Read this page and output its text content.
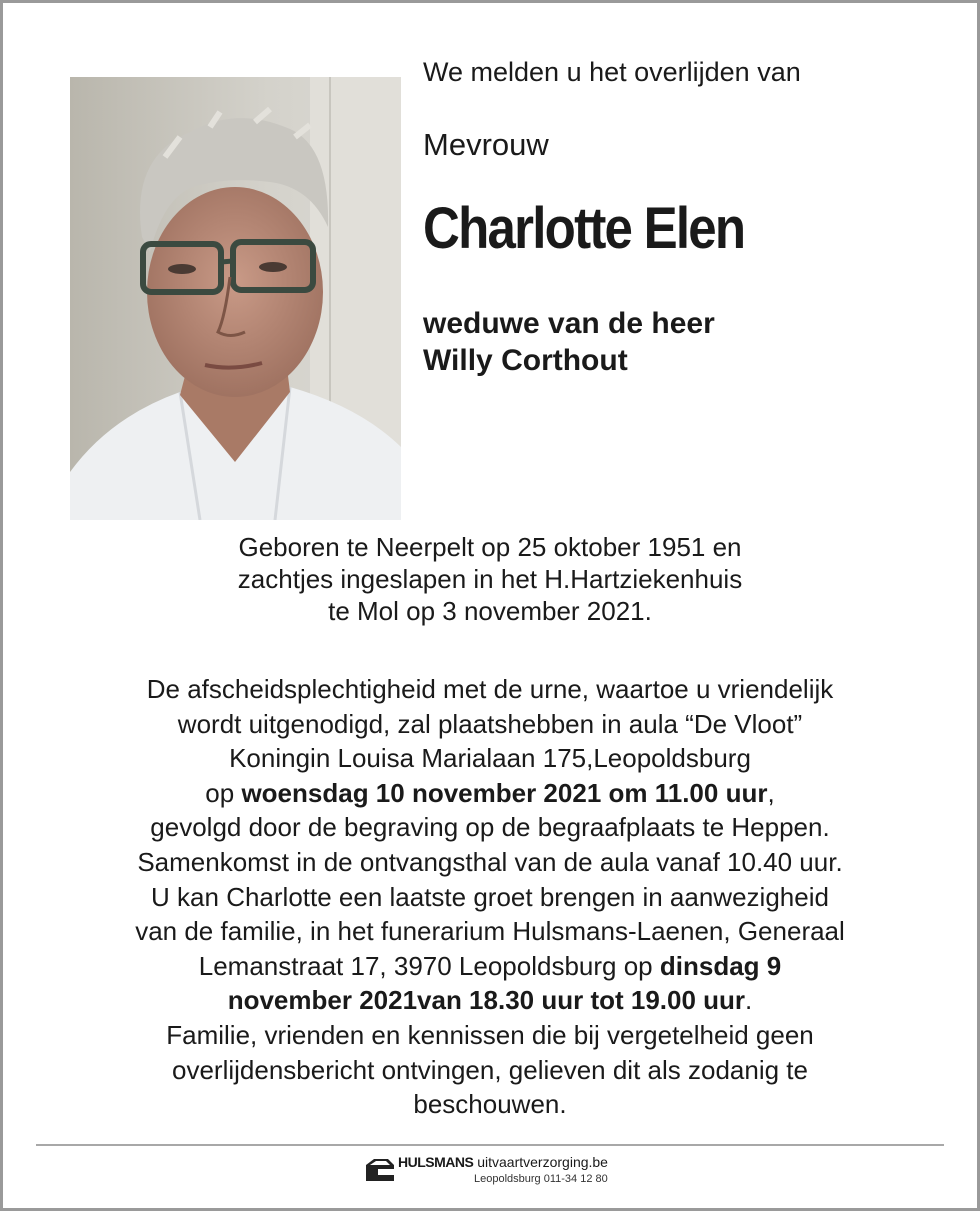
We melden u het overlijden van
Mevrouw
Charlotte Elen
weduwe van de heer
Willy Corthout
Geboren te Neerpelt op 25 oktober 1951 en
zachtjes ingeslapen in het H.Hartziekenhuis
te Mol op 3 november 2021.
De afscheidsplechtigheid met de urne, waartoe u vriendelijk
wordt uitgenodigd, zal plaatshebben in aula “De Vloot”
Koningin Louisa Marialaan 175,Leopoldsburg
op woensdag 10 november 2021 om 11.00 uur,
gevolgd door de begraving op de begraafplaats te Heppen.
Samenkomst in de ontvangsthal van de aula vanaf 10.40 uur.
U kan Charlotte een laatste groet brengen in aanwezigheid
van de familie, in het funerarium Hulsmans-Laenen, Generaal
Lemanstraat 17, 3970 Leopoldsburg op dinsdag 9
november 2021van 18.30 uur tot 19.00 uur.
Familie, vrienden en kennissen die bij vergetelheid geen
overlijdensbericht ontvingen, gelieven dit als zodanig te
beschouwen.
HULSMANS uitvaartverzorging.be
Leopoldsburg 011-34 12 80
